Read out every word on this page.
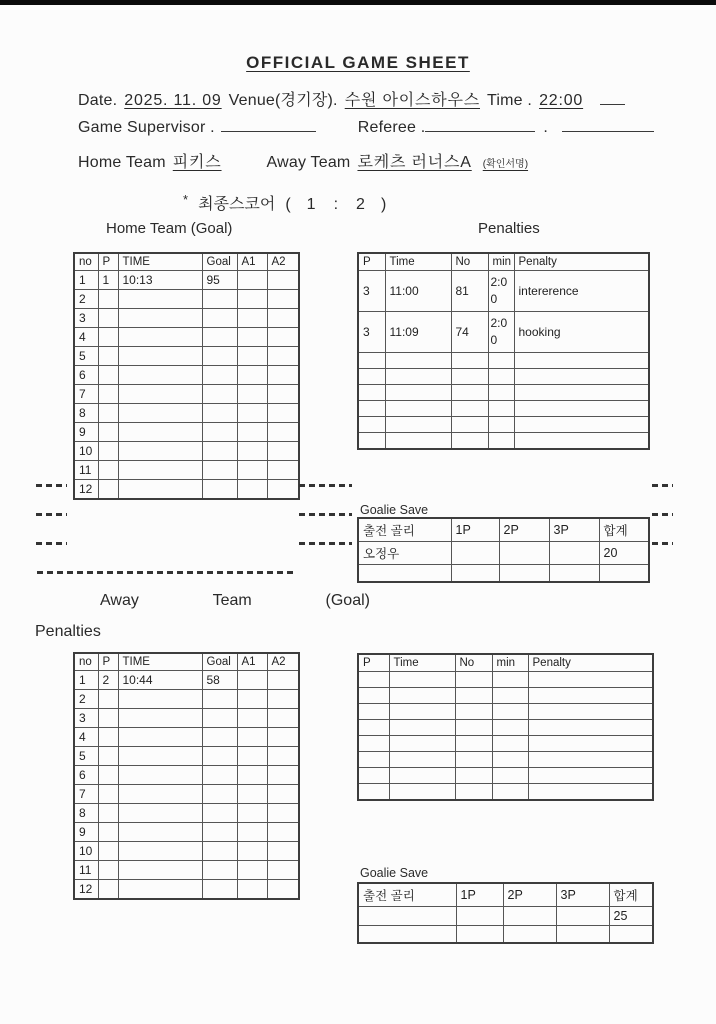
OFFICIAL GAME SHEET
Date. 2025. 11. 09 Venue(경기장). 수원 아이스하우스 Time . 22:00
Game Supervisor .	Referee .	.
Home Team 피키스	Away Team 로케츠 러너스A (확인서명)
* 최종스코어 ( 1 : 2 )
Home Team (Goal)	Penalties
no	P	TIME	Goal	A1	A2
1	1	10:13	95		
2					
3					
4					
5					
6					
7					
8					
9					
10					
11					
12					
P	Time	No	min	Penalty
3	11:00	81	2:00	intererence
3	11:09	74	2:00	hooking

Goalie Save
출전 골리	1P	2P	3P	합계
오정우				20

Away	Team	(Goal)
Penalties
no	P	TIME	Goal	A1	A2
1	2	10:44	58		
2					
3					
4					
5					
6					
7					
8					
9					
10					
11					
12					
P	Time	No	min	Penalty

Goalie Save
출전 골리	1P	2P	3P	합계
				25
